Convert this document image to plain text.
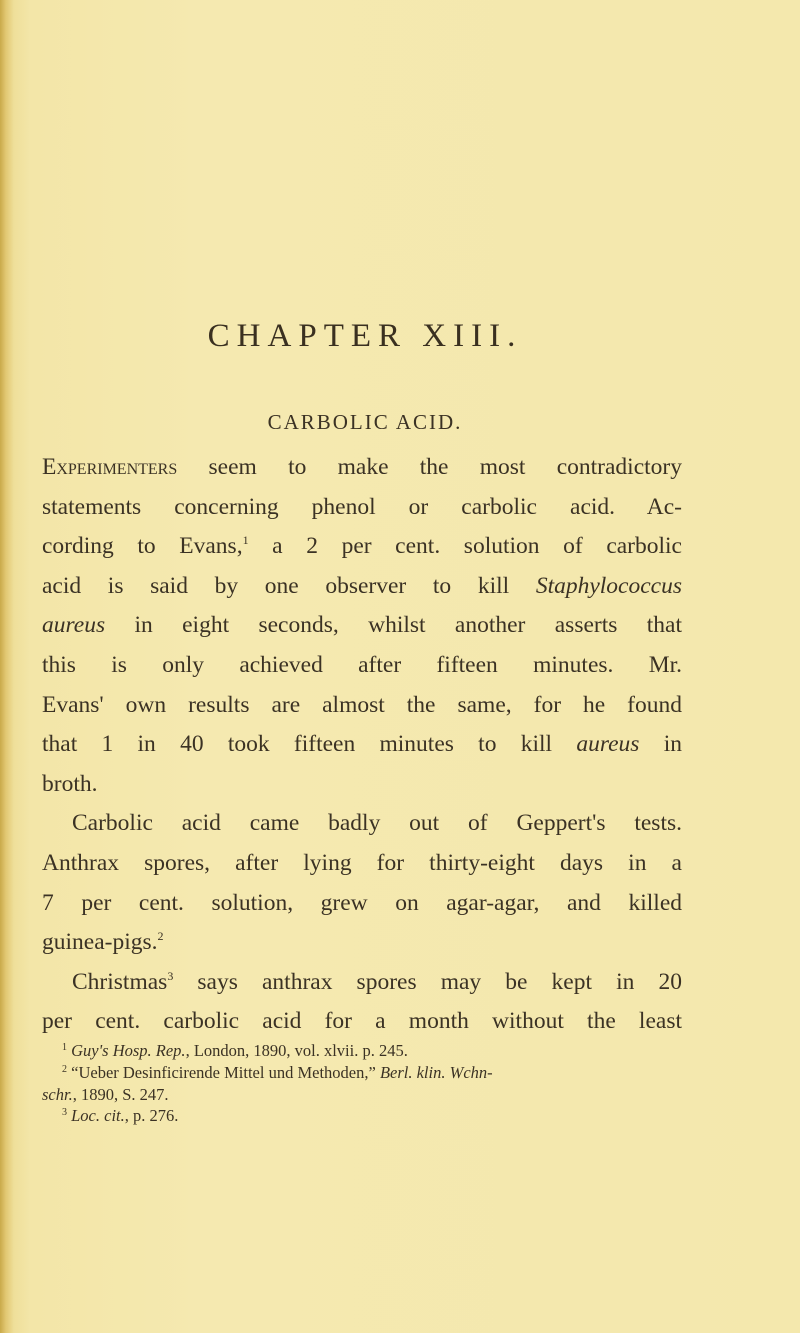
CHAPTER XIII.
CARBOLIC ACID.
Experimenters seem to make the most contradictory
statements concerning phenol or carbolic acid. Ac-
cording to Evans,$^1$ a 2 per cent. solution of carbolic
acid is said by one observer to kill Staphylococcus
aureus in eight seconds, whilst another asserts that
this is only achieved after fifteen minutes. Mr.
Evans' own results are almost the same, for he found
that 1 in 40 took fifteen minutes to kill aureus in
broth.
Carbolic acid came badly out of Geppert's tests.
Anthrax spores, after lying for thirty-eight days in a
7 per cent. solution, grew on agar-agar, and killed
guinea-pigs.$^2$
Christmas$^3$ says anthrax spores may be kept in 20
per cent. carbolic acid for a month without the least
$^1$ Guy's Hosp. Rep., London, 1890, vol. xlvii. p. 245.
$^2$ “Ueber Desinficirende Mittel und Methoden,” Berl. klin. Wchn-
schr., 1890, S. 247.
$^3$ Loc. cit., p. 276.
